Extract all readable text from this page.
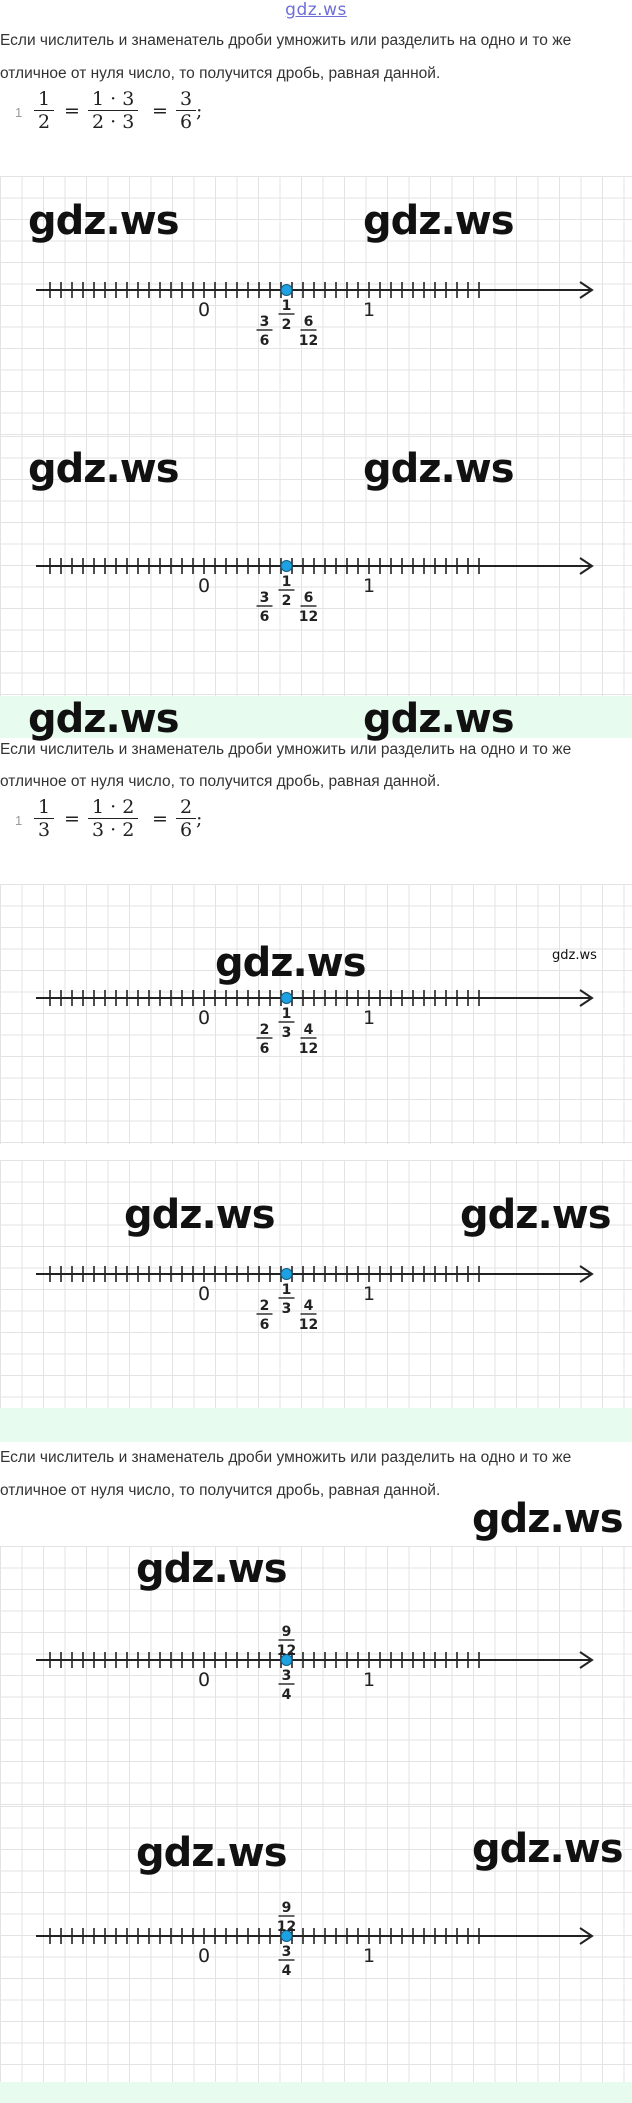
gdz.ws
Если числитель и знаменатель дроби умножить или разделить на одно и то же
отличное от нуля число, то получится дробь, равная данной.
$1 \frac{1}{2} = \frac{1 \cdot 3}{2 \cdot 3} = \frac{3}{6}$ ;
0	1
1
2
3
6
6
12
gdz.ws	gdz.ws
0	1
1
2
3
6
6
12
gdz.ws	gdz.ws
gdz.ws	gdz.ws
Если числитель и знаменатель дроби умножить или разделить на одно и то же
отличное от нуля число, то получится дробь, равная данной.
$1 \frac{1}{3} = \frac{1 \cdot 2}{3 \cdot 2} = \frac{2}{6}$ ;
0	1
1
3
2
6
4
12
gdz.ws	gdz.ws
0	1
1
3
2
6
4
12
gdz.ws	gdz.ws
Если числитель и знаменатель дроби умножить или разделить на одно и то же
отличное от нуля число, то получится дробь, равная данной.
gdz.ws
0	1
9
12
3
4
gdz.ws
0	1
9
12
3
4
gdz.ws	gdz.ws
